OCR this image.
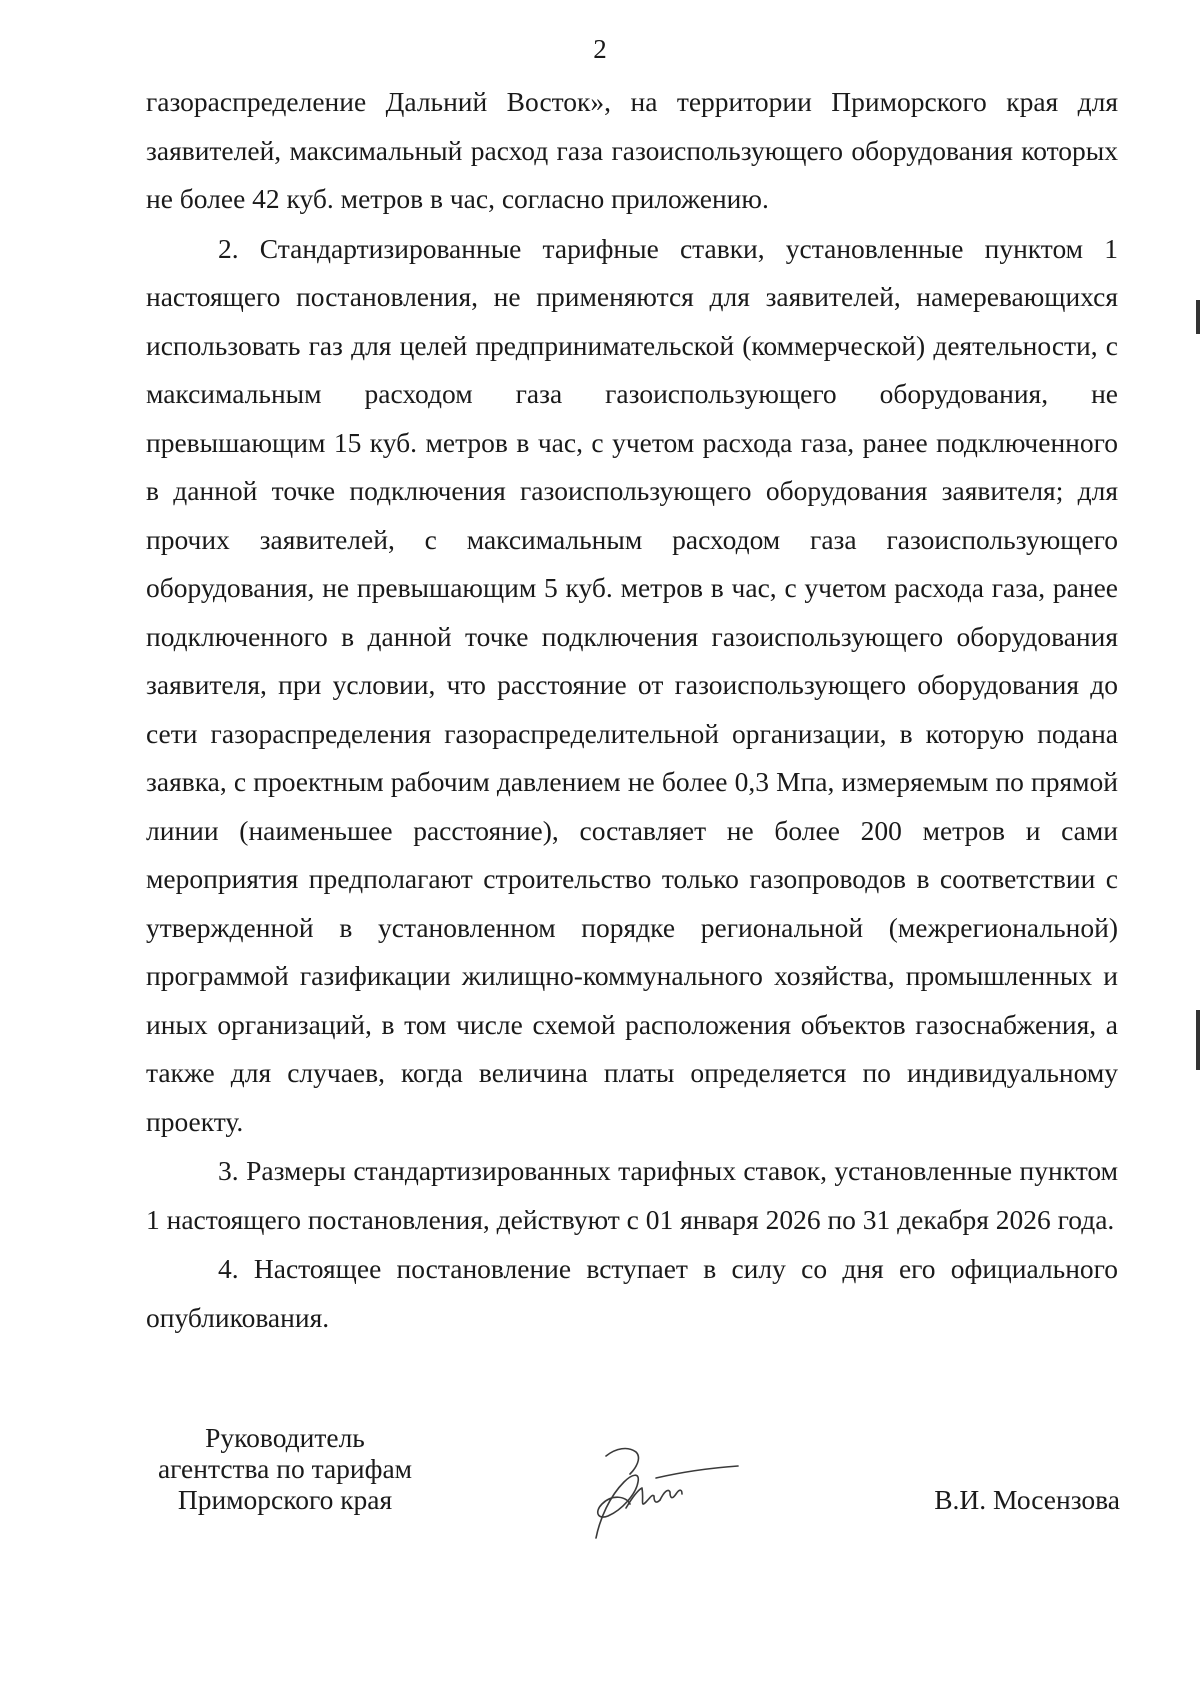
2

газораспределение Дальний Восток», на территории Приморского края для заявителей, максимальный расход газа газоиспользующего оборудования которых не более 42 куб. метров в час, согласно приложению.

2. Стандартизированные тарифные ставки, установленные пунктом 1 настоящего постановления, не применяются для заявителей, намеревающихся использовать газ для целей предпринимательской (коммерческой) деятельности, с максимальным расходом газа газоиспользующего оборудования, не превышающим 15 куб. метров в час, с учетом расхода газа, ранее подключенного в данной точке подключения газоиспользующего оборудования заявителя; для прочих заявителей, с максимальным расходом газа газоиспользующего оборудования, не превышающим 5 куб. метров в час, с учетом расхода газа, ранее подключенного в данной точке подключения газоиспользующего оборудования заявителя, при условии, что расстояние от газоиспользующего оборудования до сети газораспределения газораспределительной организации, в которую подана заявка, с проектным рабочим давлением не более 0,3 Мпа, измеряемым по прямой линии (наименьшее расстояние), составляет не более 200 метров и сами мероприятия предполагают строительство только газопроводов в соответствии с утвержденной в установленном порядке региональной (межрегиональной) программой газификации жилищно-коммунального хозяйства, промышленных и иных организаций, в том числе схемой расположения объектов газоснабжения, а также для случаев, когда величина платы определяется по индивидуальному проекту.

3. Размеры стандартизированных тарифных ставок, установленные пунктом 1 настоящего постановления, действуют с 01 января 2026 по 31 декабря 2026 года.

4. Настоящее постановление вступает в силу со дня его официального опубликования.

Руководитель
агентства по тарифам
Приморского края	В.И. Мосензова
